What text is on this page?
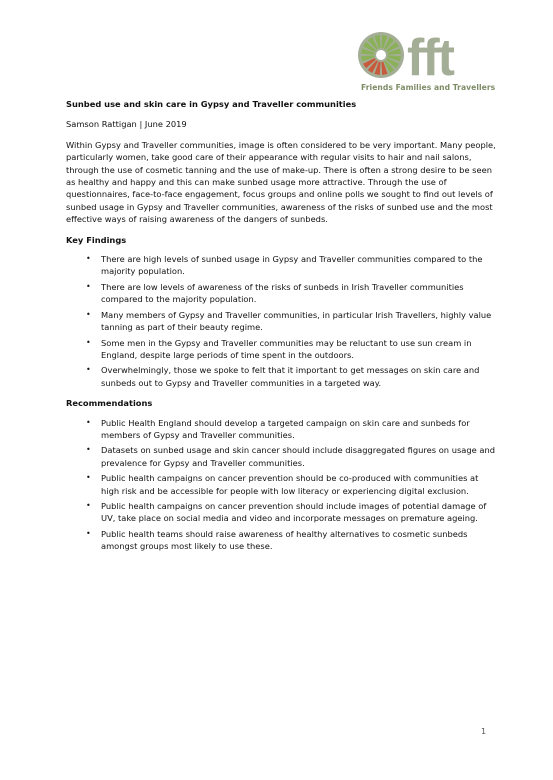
fft
Friends Families and Travellers

Sunbed use and skin care in Gypsy and Traveller communities

Samson Rattigan | June 2019

Within Gypsy and Traveller communities, image is often considered to be very important. Many people, particularly women, take good care of their appearance with regular visits to hair and nail salons, through the use of cosmetic tanning and the use of make-up. There is often a strong desire to be seen as healthy and happy and this can make sunbed usage more attractive. Through the use of questionnaires, face-to-face engagement, focus groups and online polls we sought to find out levels of sunbed usage in Gypsy and Traveller communities, awareness of the risks of sunbed use and the most effective ways of raising awareness of the dangers of sunbeds.

Key Findings

• There are high levels of sunbed usage in Gypsy and Traveller communities compared to the majority population.
• There are low levels of awareness of the risks of sunbeds in Irish Traveller communities compared to the majority population.
• Many members of Gypsy and Traveller communities, in particular Irish Travellers, highly value tanning as part of their beauty regime.
• Some men in the Gypsy and Traveller communities may be reluctant to use sun cream in England, despite large periods of time spent in the outdoors.
• Overwhelmingly, those we spoke to felt that it important to get messages on skin care and sunbeds out to Gypsy and Traveller communities in a targeted way.

Recommendations

• Public Health England should develop a targeted campaign on skin care and sunbeds for members of Gypsy and Traveller communities.
• Datasets on sunbed usage and skin cancer should include disaggregated figures on usage and prevalence for Gypsy and Traveller communities.
• Public health campaigns on cancer prevention should be co-produced with communities at high risk and be accessible for people with low literacy or experiencing digital exclusion.
• Public health campaigns on cancer prevention should include images of potential damage of UV, take place on social media and video and incorporate messages on premature ageing.
• Public health teams should raise awareness of healthy alternatives to cosmetic sunbeds amongst groups most likely to use these.
1
